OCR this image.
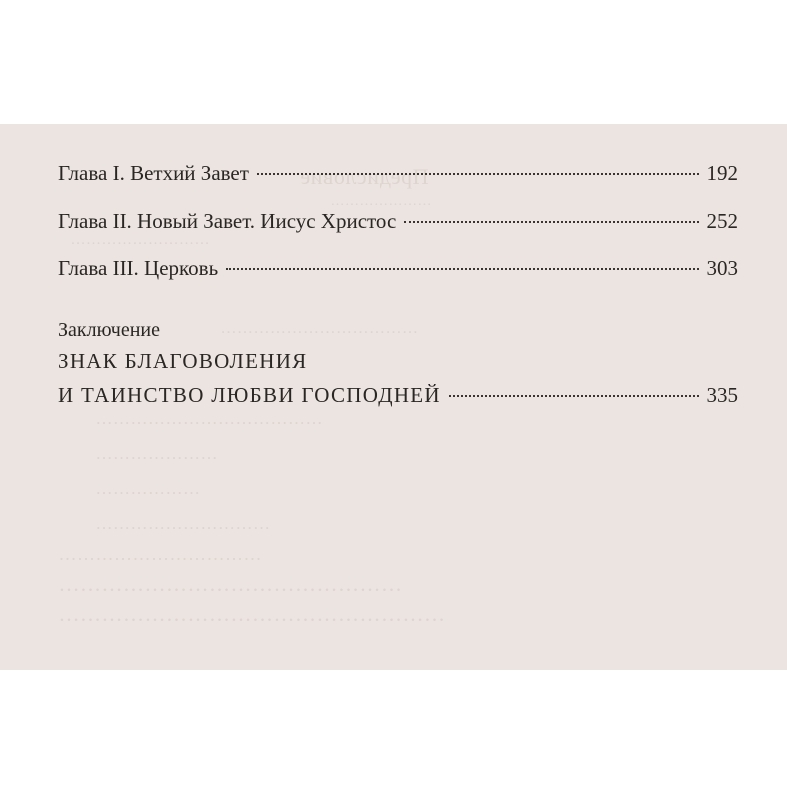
Предисловие
…………………
………………………
………………………………
…………………………………
…………………
………………
…………………………
……………………………
…………………………………………
………………………………………………
Глава I. Ветхий Завет	192
Глава II. Новый Завет. Иисус Христос	252
Глава III. Церковь	303
Заключение
ЗНАК БЛАГОВОЛЕНИЯ
И ТАИНСТВО ЛЮБВИ ГОСПОДНЕЙ	335
